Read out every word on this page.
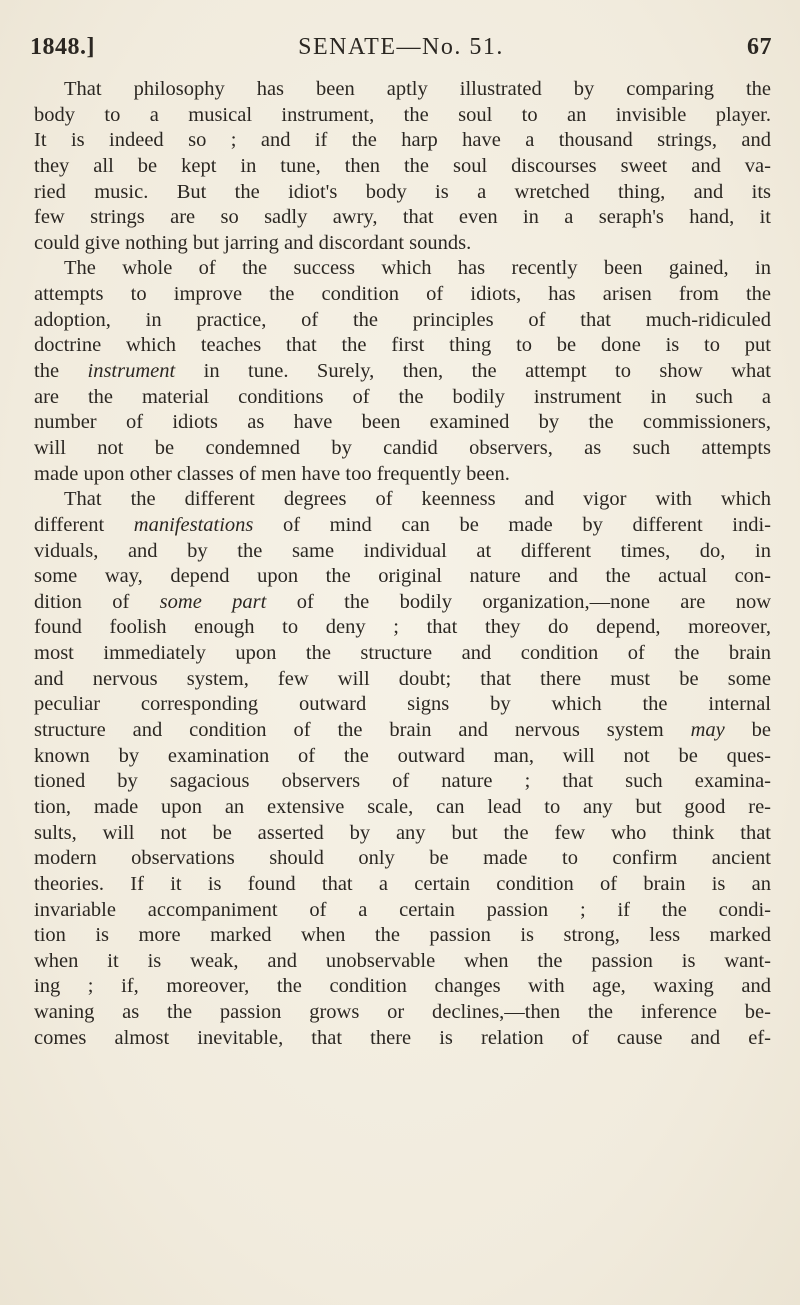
1848.]	SENATE—No. 51.	67
That philosophy has been aptly illustrated by comparing the
body to a musical instrument, the soul to an invisible player.
It is indeed so ; and if the harp have a thousand strings, and
they all be kept in tune, then the soul discourses sweet and va-
ried music. But the idiot's body is a wretched thing, and its
few strings are so sadly awry, that even in a seraph's hand, it
could give nothing but jarring and discordant sounds.
The whole of the success which has recently been gained, in
attempts to improve the condition of idiots, has arisen from the
adoption, in practice, of the principles of that much-ridiculed
doctrine which teaches that the first thing to be done is to put
the instrument in tune. Surely, then, the attempt to show what
are the material conditions of the bodily instrument in such a
number of idiots as have been examined by the commissioners,
will not be condemned by candid observers, as such attempts
made upon other classes of men have too frequently been.
That the different degrees of keenness and vigor with which
different manifestations of mind can be made by different indi-
viduals, and by the same individual at different times, do, in
some way, depend upon the original nature and the actual con-
dition of some part of the bodily organization,—none are now
found foolish enough to deny ; that they do depend, moreover,
most immediately upon the structure and condition of the brain
and nervous system, few will doubt; that there must be some
peculiar corresponding outward signs by which the internal
structure and condition of the brain and nervous system may be
known by examination of the outward man, will not be ques-
tioned by sagacious observers of nature ; that such examina-
tion, made upon an extensive scale, can lead to any but good re-
sults, will not be asserted by any but the few who think that
modern observations should only be made to confirm ancient
theories. If it is found that a certain condition of brain is an
invariable accompaniment of a certain passion ; if the condi-
tion is more marked when the passion is strong, less marked
when it is weak, and unobservable when the passion is want-
ing ; if, moreover, the condition changes with age, waxing and
waning as the passion grows or declines,—then the inference be-
comes almost inevitable, that there is relation of cause and ef-
